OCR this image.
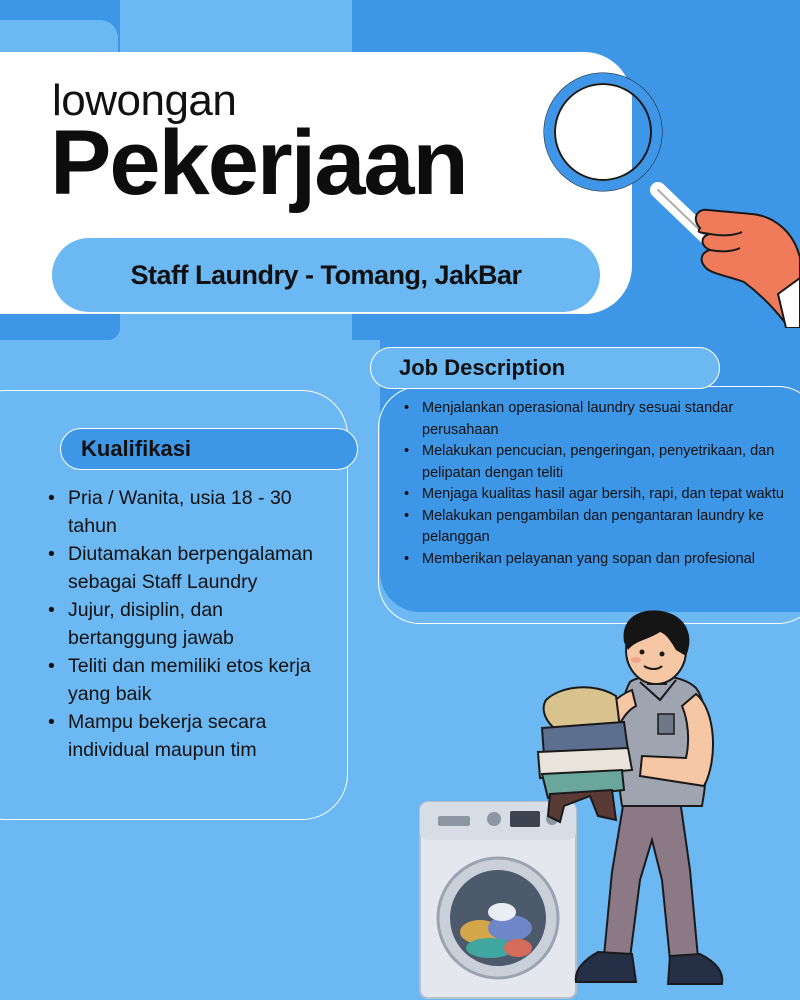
lowongan
Pekerjaan
Staff Laundry - Tomang, JakBar
Job Description
• Menjalankan operasional laundry sesuai standar perusahaan
• Melakukan pencucian, pengeringan, penyetrikaan, dan pelipatan dengan teliti
• Menjaga kualitas hasil agar bersih, rapi, dan tepat waktu
• Melakukan pengambilan dan pengantaran laundry ke pelanggan
• Memberikan pelayanan yang sopan dan profesional
Kualifikasi
• Pria / Wanita, usia 18 - 30 tahun
• Diutamakan berpengalaman sebagai Staff Laundry
• Jujur, disiplin, dan bertanggung jawab
• Teliti dan memiliki etos kerja yang baik
• Mampu bekerja secara individual maupun tim
